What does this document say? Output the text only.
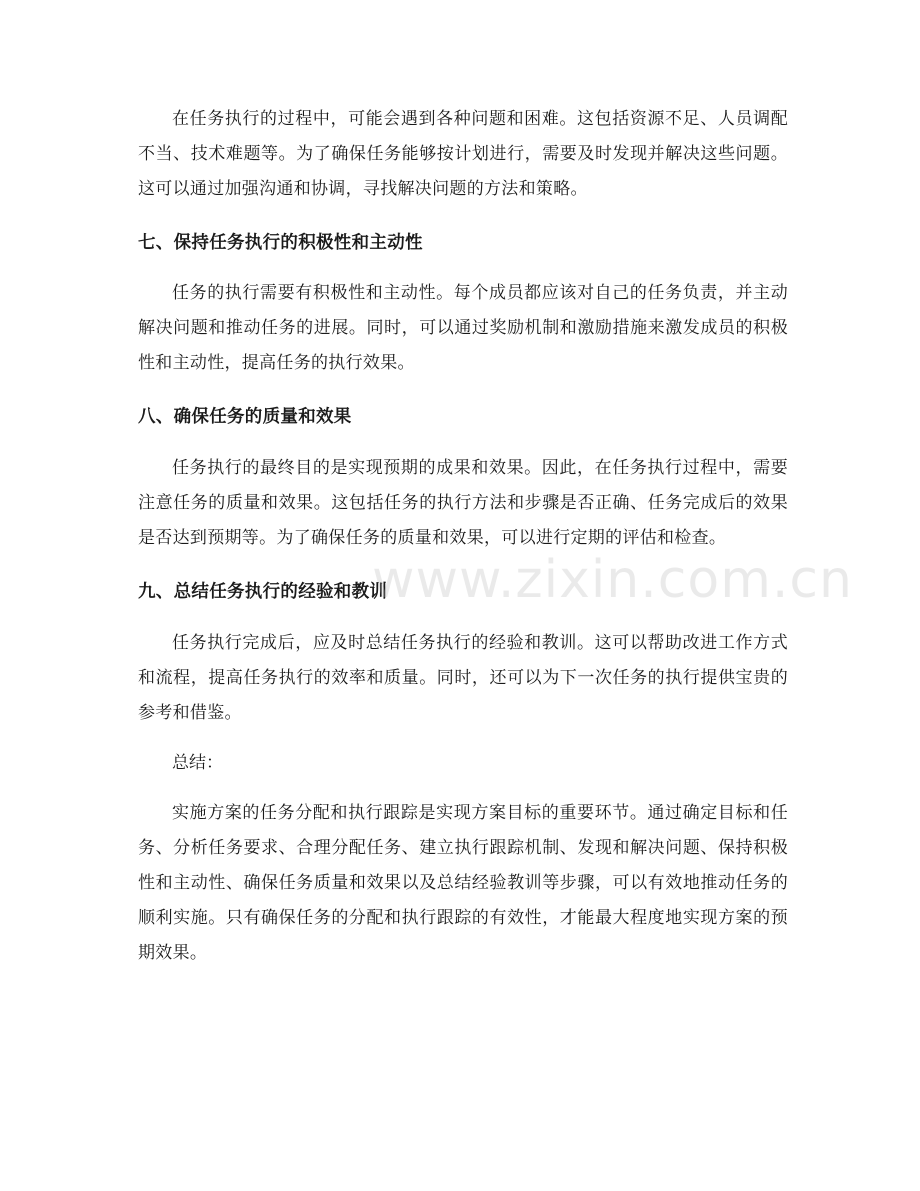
在任务执行的过程中，可能会遇到各种问题和困难。这包括资源不足、人员调配不当、技术难题等。为了确保任务能够按计划进行，需要及时发现并解决这些问题。这可以通过加强沟通和协调，寻找解决问题的方法和策略。

七、保持任务执行的积极性和主动性

任务的执行需要有积极性和主动性。每个成员都应该对自己的任务负责，并主动解决问题和推动任务的进展。同时，可以通过奖励机制和激励措施来激发成员的积极性和主动性，提高任务的执行效果。

八、确保任务的质量和效果

任务执行的最终目的是实现预期的成果和效果。因此，在任务执行过程中，需要注意任务的质量和效果。这包括任务的执行方法和步骤是否正确、任务完成后的效果是否达到预期等。为了确保任务的质量和效果，可以进行定期的评估和检查。

九、总结任务执行的经验和教训

任务执行完成后，应及时总结任务执行的经验和教训。这可以帮助改进工作方式和流程，提高任务执行的效率和质量。同时，还可以为下一次任务的执行提供宝贵的参考和借鉴。

总结：

实施方案的任务分配和执行跟踪是实现方案目标的重要环节。通过确定目标和任务、分析任务要求、合理分配任务、建立执行跟踪机制、发现和解决问题、保持积极性和主动性、确保任务质量和效果以及总结经验教训等步骤，可以有效地推动任务的顺利实施。只有确保任务的分配和执行跟踪的有效性，才能最大程度地实现方案的预期效果。

www.zixin.com.cn
